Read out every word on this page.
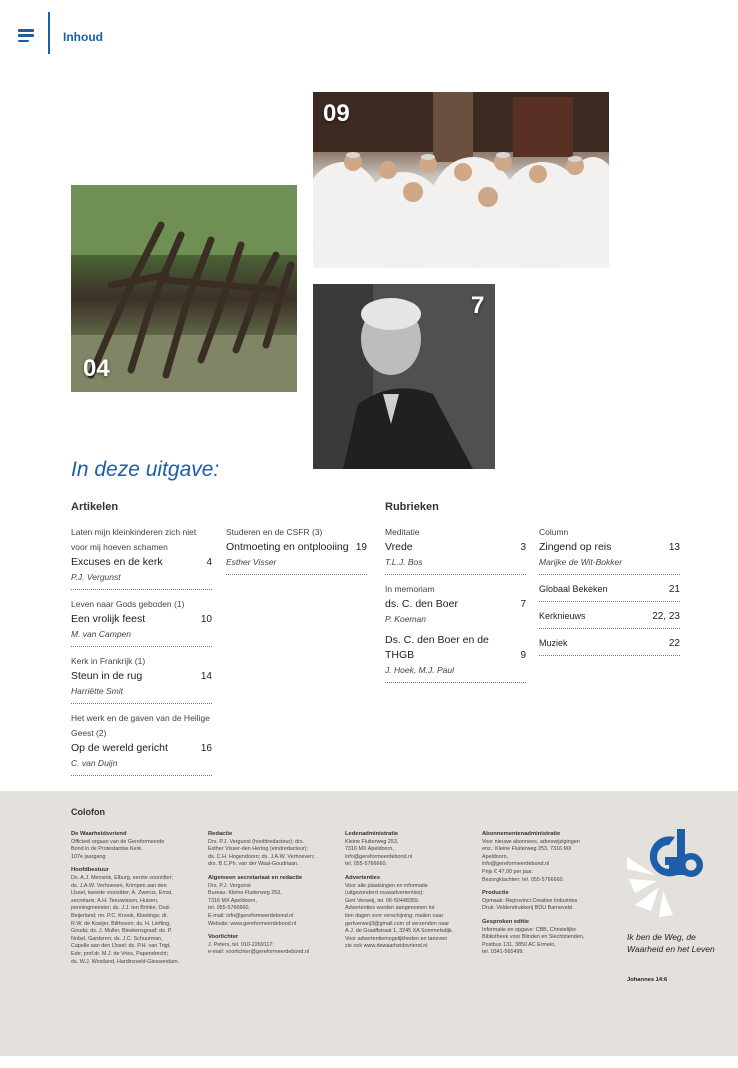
Inhoud
09
04
7
In deze uitgave:
Artikelen	Rubrieken
Laten mijn kleinkinderen zich niet voor mij hoeven schamen
Excuses en de kerk	4
P.J. Vergunst
Leven naar Gods geboden (1)
Een vrolijk feest	10
M. van Campen
Kerk in Frankrijk (1)
Steun in de rug	14
Harriëtte Smit
Het werk en de gaven van de Heilige Geest (2)
Op de wereld gericht	16
C. van Duijn
Studeren en de CSFR (3)
Ontmoeting en ontplooiing 19
Esther Visser
Meditatie
Vrede	3
T.L.J. Bos
In memoriam
ds. C. den Boer	7
P. Koeman
Ds. C. den Boer en de THGB	9
J. Hoek, M.J. Paul
Column
Zingend op reis	13
Marijke de Wit-Bokker
Globaal Bekeken	21
Kerknieuws	22, 23
Muziek	22
Colofon
De Waarheidsvriend
Officieel orgaan van de Gereformeerde
Bond in de Protestantse Kerk.
107e jaargang
Hoofdbestuur
Ds. A.J. Mensink, Elburg, eerste voorzitter;
ds. J.A.W. Verhoeven, Krimpen aan den
IJssel, tweede voorzitter; A. Zwerus, Emst,
secretaris; A.H. Teeuwissen, Huizen,
penningmeester; ds. J.J. ten Brinke, Oud-
Beijerland; mr. P.C. Knook, Kloetinge; dr.
R.W. de Koeijer, Bilthoven; ds. H. Liefting,
Gouda; ds. J. Muller, Bleskensgraaf; ds. P.
Nobel, Garderen; ds. J.C. Schuurman,
Capelle aan den IJssel; ds. P.H. van Trigt,
Ede; prof.dr. M.J. de Vries, Papendrecht;
ds. W.J. Westland, Hardinxveld-Giessendam.
Redactie
Drs. P.J. Vergunst (hoofdredacteur); drs.
Esther Visser-den Hertog (eindredacteur);
ds. C.H. Hogendoorn; ds. J.A.W. Verhoeven;
drs. B.C.Ph. van der Waal-Goudriaan.
Algemeen secretariaat en redactie
Drs. P.J. Vergunst
Bureau: Kleine Fluiterweg 253,
7316 MX Apeldoorn,
tel. 055-5766660.
E-mail: info@gereformeerdebond.nl
Website: www.gereformeerdebond.nl
Voorlichter
J. Peters, tel. 010-2269117;
e-mail: voorlichter@gereformeerdebond.nl
Ledenadministratie
Kleine Fluiterweg 253,
7316 MX Apeldoorn,
info@gereformeerdebond.nl
tel. 055-5766660.
Advertenties
Voor alle plaatsingen en informatie
(uitgezonderd rouwadvertenties):
Gert Verweij, tel. 06-50448359.
Advertenties worden aangenomen tot
tien dagen voor verschijning; mailen naar
gertverweij3@gmail.com of verzenden naar
A.J. de Graaffstraat 1, 3245 XA Sommelsdijk.
Voor advertentiemogelijkheden en tarieven
zie ook www.dewaarheidsvriend.nl
Abonnementenadministratie
Voor nieuwe abonnees, adreswijzigingen
enz.: Kleine Fluiterweg 253, 7316 MX
Apeldoorn,
info@gereformeerdebond.nl
Prijs € 47,00 per jaar.
Bezorgklachten: tel. 055-5766660.
Productie
Opmaak: Reprovinci Creative Industries
Druk: Veldendrukkerij BDU Barneveld.
Gesproken editie
Informatie en opgave: CBB, Christelijke
Bibliotheek voor Blinden en Slechtzienden,
Postbus 131, 3850 AC Ermelo,
tel. 0341-565499.
Ik ben de Weg, de Waarheid en het Leven
Johannes 14:6
